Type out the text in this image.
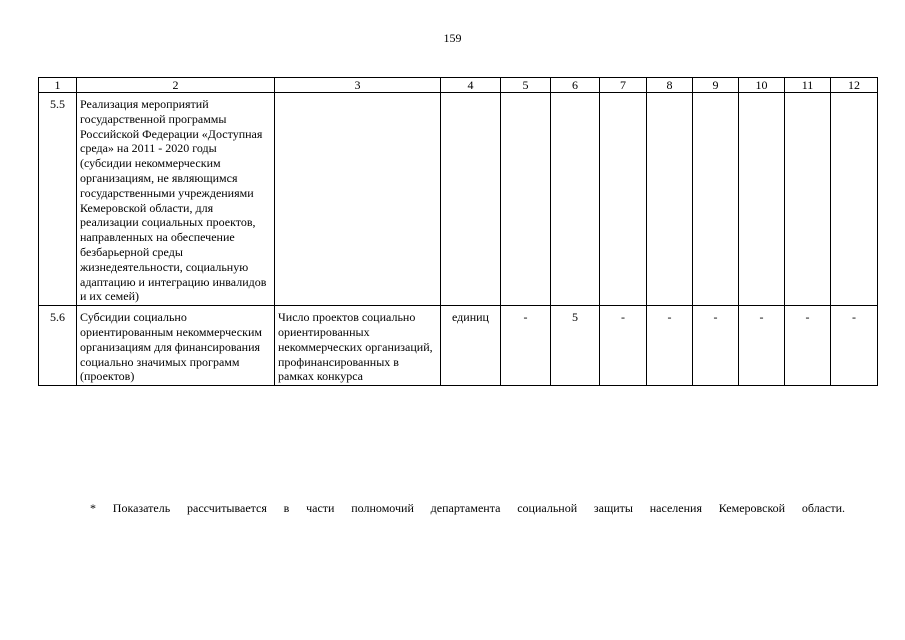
159
1	2	3	4	5	6	7	8	9	10	11	12
5.5	Реализация мероприятий государственной программы Российской Федерации «Доступная среда» на 2011 - 2020 годы (субсидии некоммерческим организациям, не являющимся государственными учреждениями Кемеровской области, для реализации социальных проектов, направленных на обеспечение безбарьерной среды жизнедеятельности, социальную адаптацию и интеграцию инвалидов и их семей)										
5.6	Субсидии социально ориентированным некоммерческим организациям для финансирования социально значимых программ (проектов)	Число проектов социально ориентированных некоммерческих организаций, профинансированных в рамках конкурса	единиц	-	5	-	-	-	-	-	-
* Показатель рассчитывается в части полномочий департамента социальной защиты населения Кемеровской области.
